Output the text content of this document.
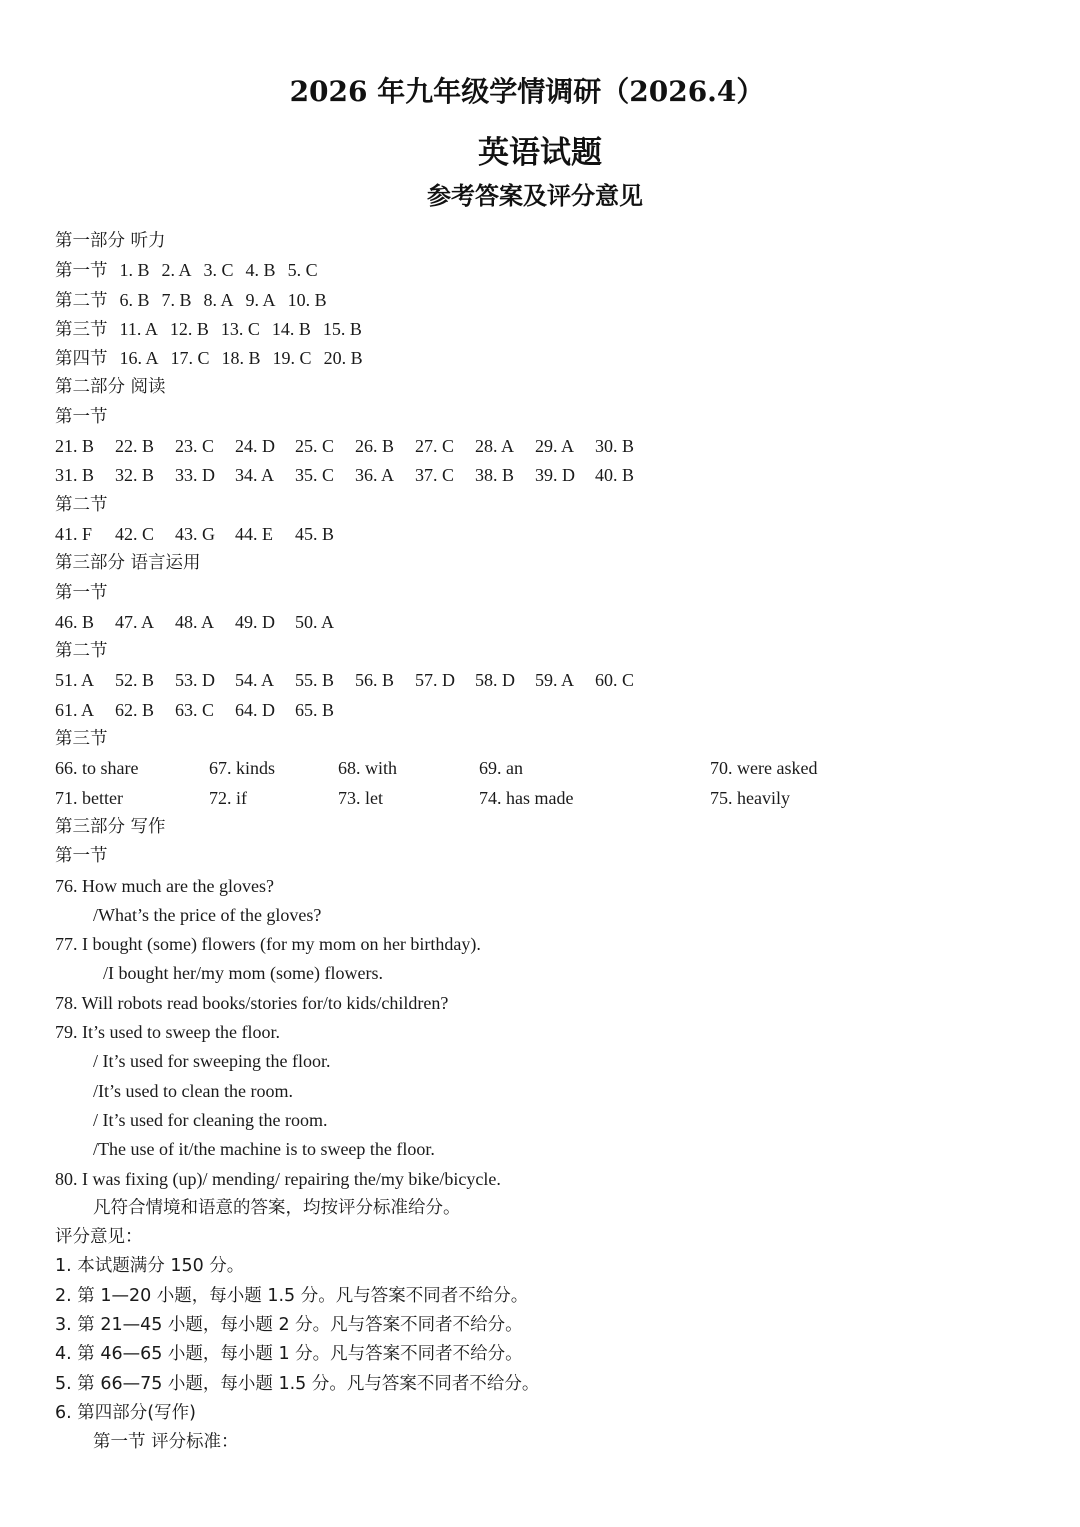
2026 年九年级学情调研（2026.4）
英语试题
参考答案及评分意见
第一部分 听力
第一节 1. B 2. A 3. C 4. B 5. C
第二节 6. B 7. B 8. A 9. A 10. B
第三节 11. A 12. B 13. C 14. B 15. B
第四节 16. A 17. C 18. B 19. C 20. B
第二部分 阅读
第一节
21. B 22. B 23. C 24. D 25. C 26. B 27. C 28. A 29. A 30. B
31. B 32. B 33. D 34. A 35. C 36. A 37. C 38. B 39. D 40. B
第二节
41. F 42. C 43. G 44. E 45. B
第三部分 语言运用
第一节
46. B 47. A 48. A 49. D 50. A
第二节
51. A 52. B 53. D 54. A 55. B 56. B 57. D 58. D 59. A 60. C
61. A 62. B 63. C 64. D 65. B
第三节
66. to share	67. kinds	68. with	69. an	70. were asked
71. better	72. if	73. let	74. has made	75. heavily
第三部分 写作
第一节
76. How much are the gloves?
/What’s the price of the gloves?
77. I bought (some) flowers (for my mom on her birthday).
/I bought her/my mom (some) flowers.
78. Will robots read books/stories for/to kids/children?
79. It’s used to sweep the floor.
/ It’s used for sweeping the floor.
/It’s used to clean the room.
/ It’s used for cleaning the room.
/The use of it/the machine is to sweep the floor.
80. I was fixing (up)/ mending/ repairing the/my bike/bicycle.
凡符合情境和语意的答案，均按评分标准给分。
评分意见：
1. 本试题满分 150 分。
2. 第 1—20 小题，每小题 1.5 分。凡与答案不同者不给分。
3. 第 21—45 小题，每小题 2 分。凡与答案不同者不给分。
4. 第 46—65 小题，每小题 1 分。凡与答案不同者不给分。
5. 第 66—75 小题，每小题 1.5 分。凡与答案不同者不给分。
6. 第四部分(写作)
第一节 评分标准：
